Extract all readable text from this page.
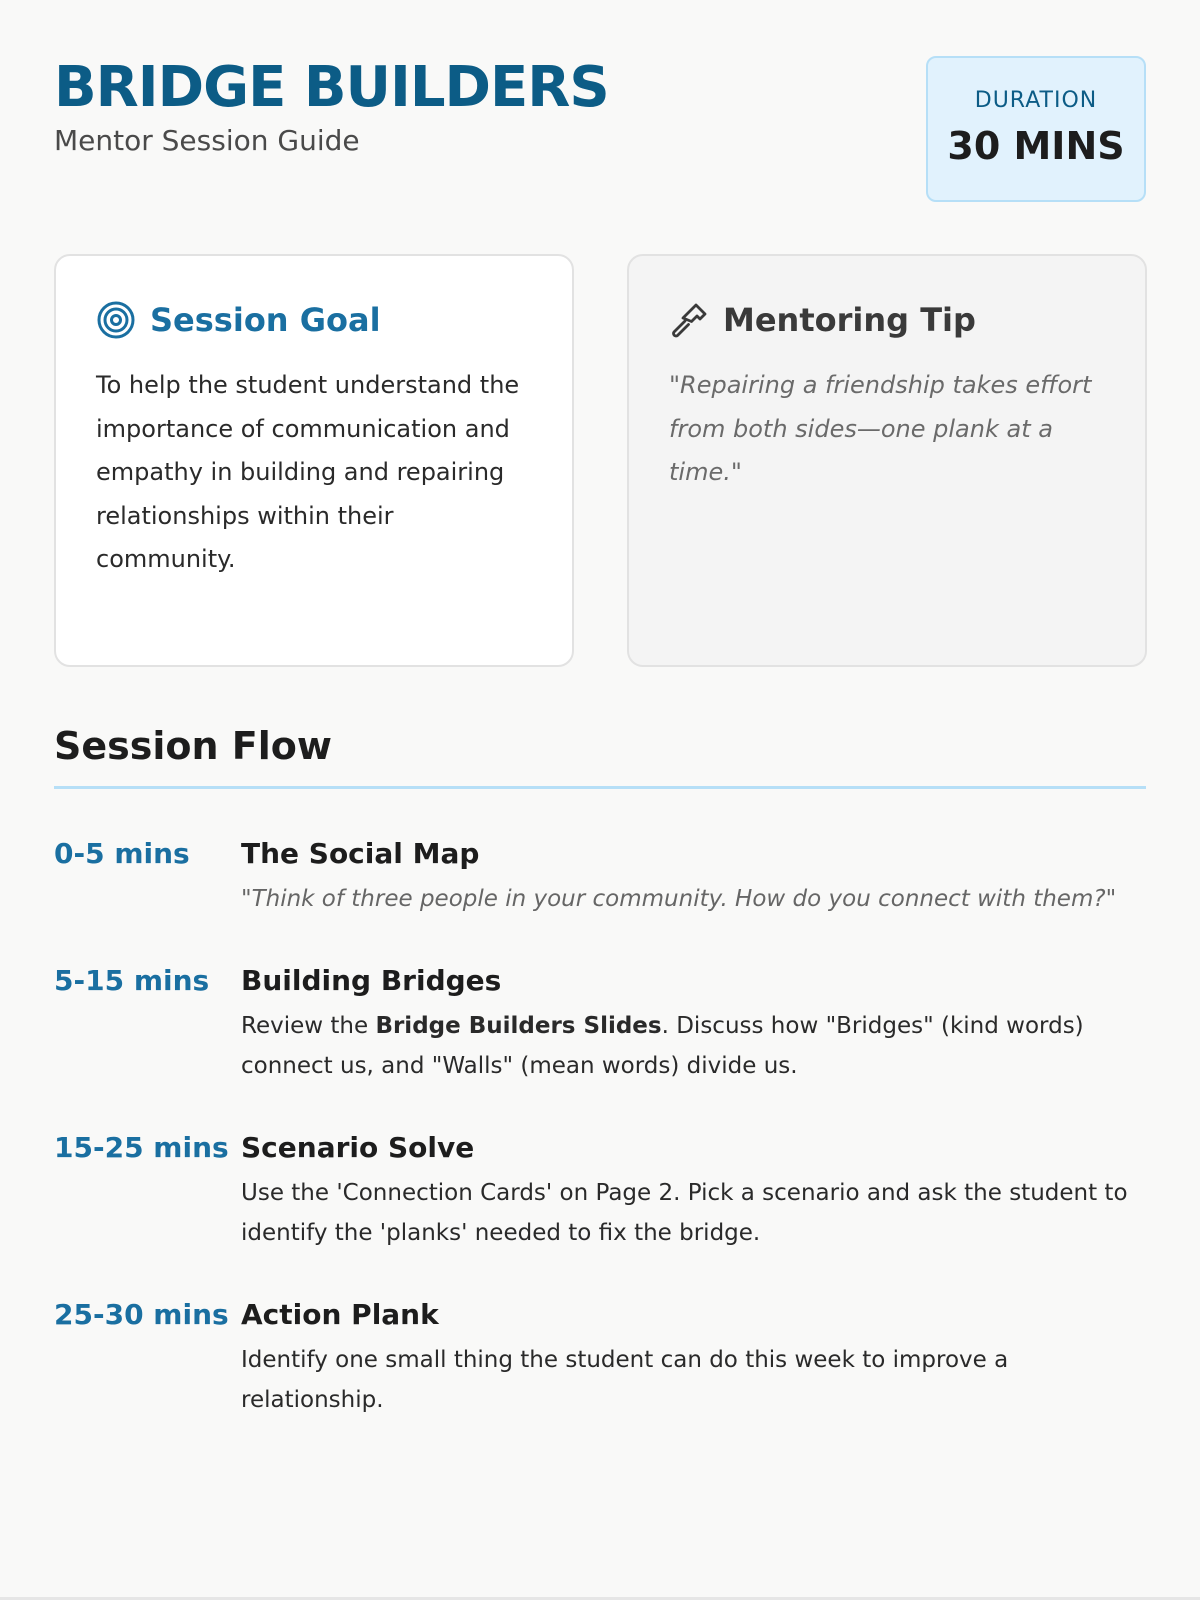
BRIDGE BUILDERS
Mentor Session Guide
DURATION
30 MINS
Session Goal
To help the student understand the importance of communication and empathy in building and repairing relationships within their community.
Mentoring Tip
"Repairing a friendship takes effort from both sides—one plank at a time."
Session Flow
0-5 mins	The Social Map
"Think of three people in your community. How do you connect with them?"
5-15 mins	Building Bridges
Review the Bridge Builders Slides. Discuss how "Bridges" (kind words) connect us, and "Walls" (mean words) divide us.
15-25 mins Scenario Solve
Use the 'Connection Cards' on Page 2. Pick a scenario and ask the student to identify the 'planks' needed to fix the bridge.
25-30 mins Action Plank
Identify one small thing the student can do this week to improve a relationship.
